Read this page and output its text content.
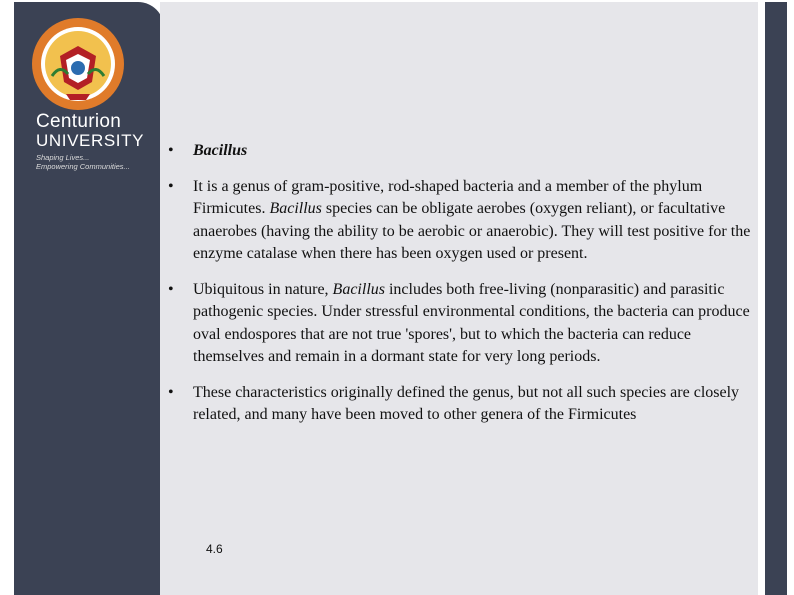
Centurion
UNIVERSITY
Shaping Lives...
Empowering Communities...
• Bacillus
• It is a genus of gram-positive, rod-shaped bacteria and a member of the phylum Firmicutes. Bacillus species can be obligate aerobes (oxygen reliant), or facultative anaerobes (having the ability to be aerobic or anaerobic). They will test positive for the enzyme catalase when there has been oxygen used or present.
• Ubiquitous in nature, Bacillus includes both free-living (nonparasitic) and parasitic pathogenic species. Under stressful environmental conditions, the bacteria can produce oval endospores that are not true 'spores', but to which the bacteria can reduce themselves and remain in a dormant state for very long periods.
• These characteristics originally defined the genus, but not all such species are closely related, and many have been moved to other genera of the Firmicutes
4.6
